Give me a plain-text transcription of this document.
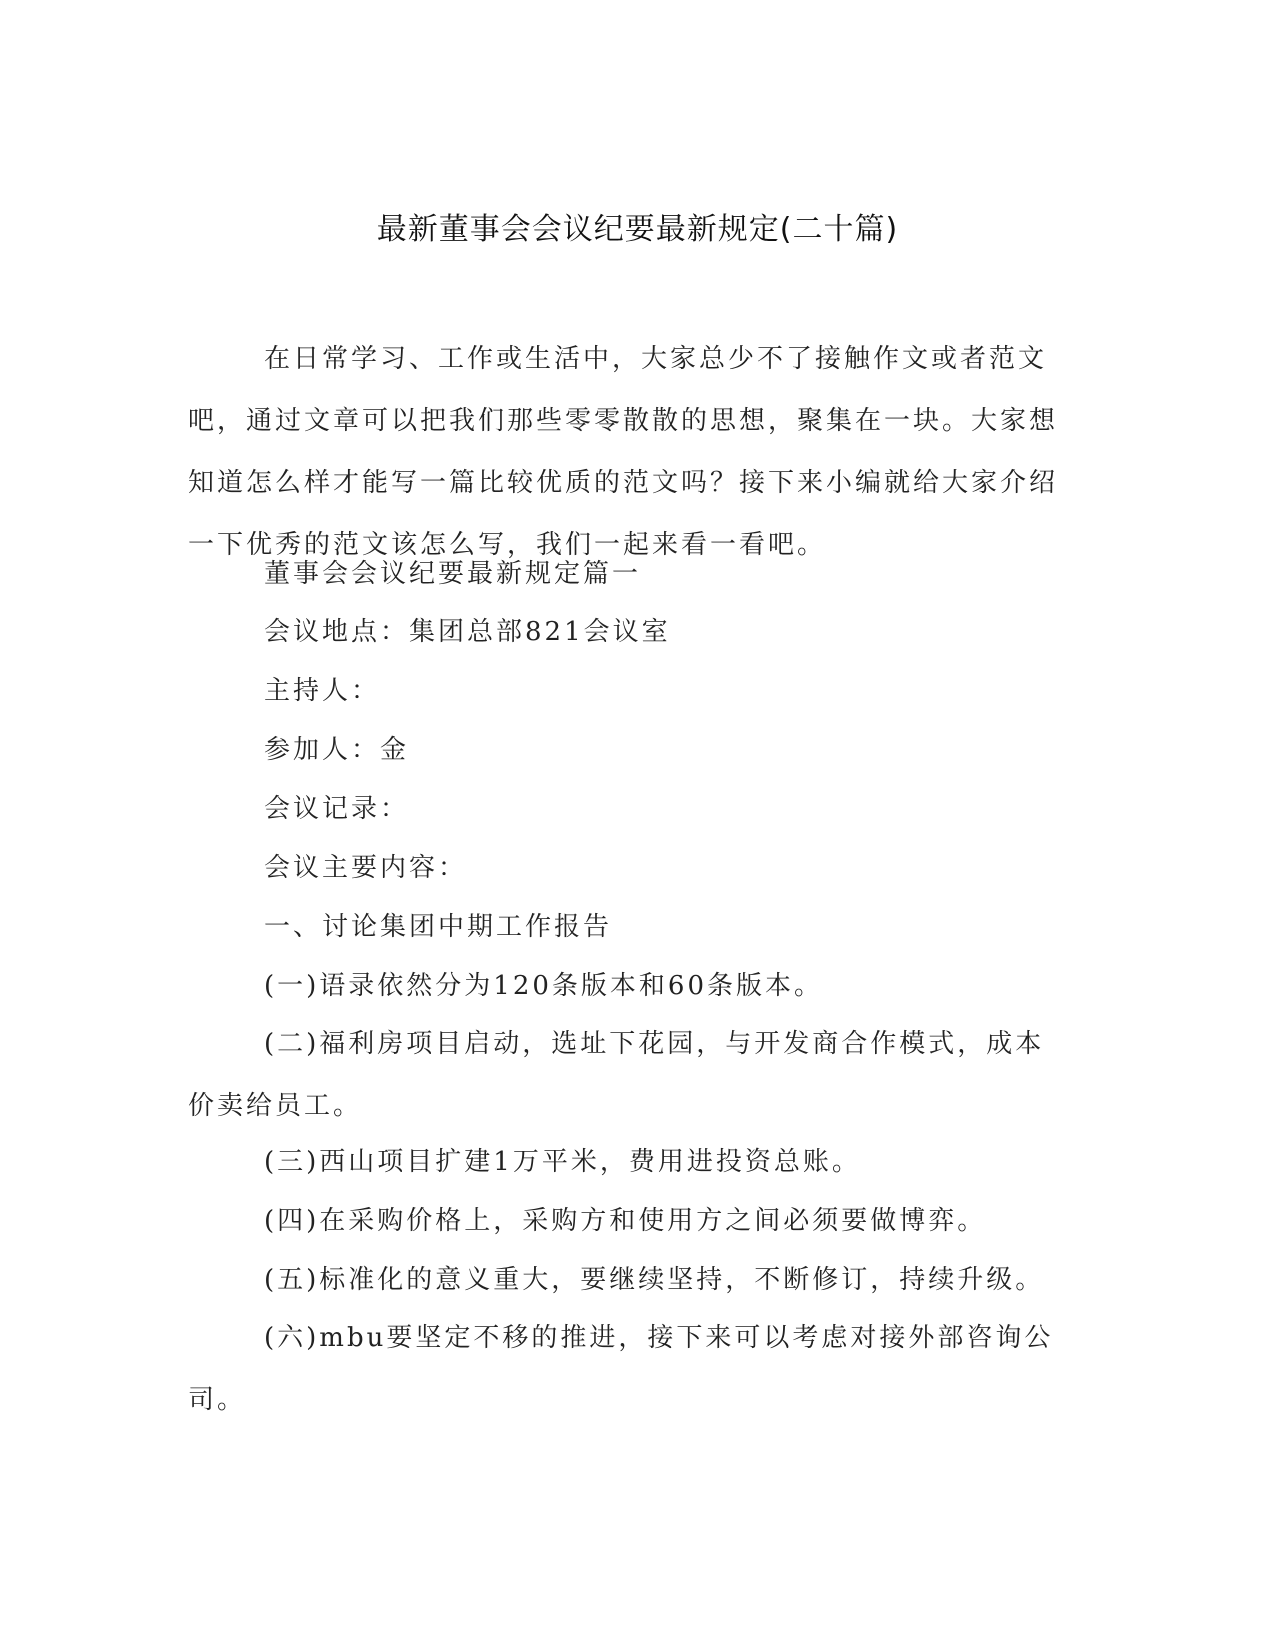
最新董事会会议纪要最新规定(二十篇)

在日常学习、工作或生活中，大家总少不了接触作文或者范文吧，通过文章可以把我们那些零零散散的思想，聚集在一块。大家想知道怎么样才能写一篇比较优质的范文吗？接下来小编就给大家介绍一下优秀的范文该怎么写，我们一起来看一看吧。

董事会会议纪要最新规定篇一

会议地点：集团总部821会议室

主持人：

参加人：金

会议记录：

会议主要内容：

一、讨论集团中期工作报告

(一)语录依然分为120条版本和60条版本。

(二)福利房项目启动，选址下花园，与开发商合作模式，成本价卖给员工。

(三)西山项目扩建1万平米，费用进投资总账。

(四)在采购价格上，采购方和使用方之间必须要做博弈。

(五)标准化的意义重大，要继续坚持，不断修订，持续升级。

(六)mbu要坚定不移的推进，接下来可以考虑对接外部咨询公司。
